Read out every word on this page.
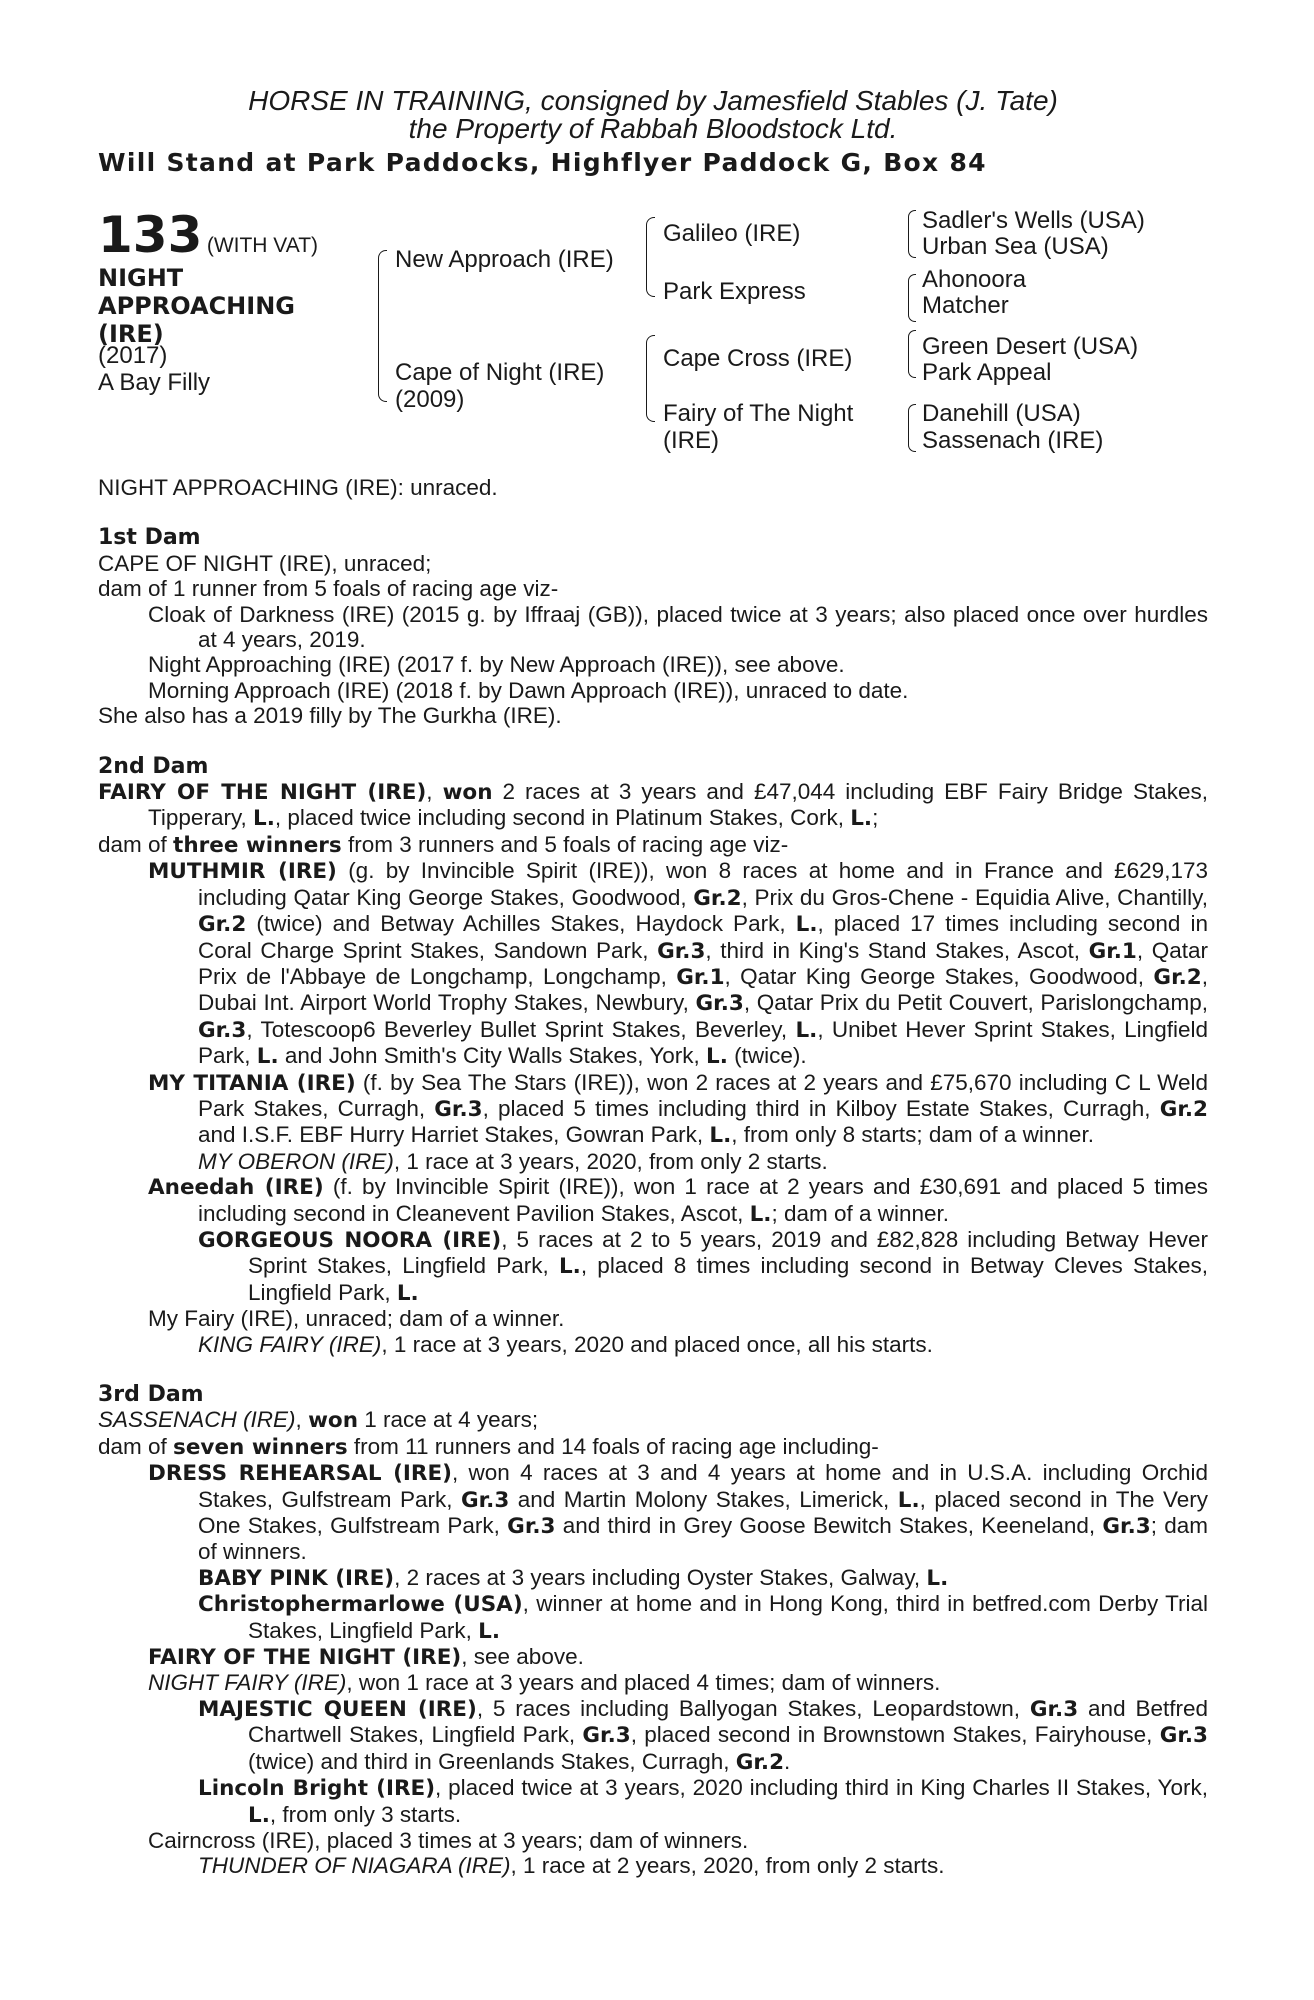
HORSE IN TRAINING, consigned by Jamesfield Stables (J. Tate)
the Property of Rabbah Bloodstock Ltd.
Will Stand at Park Paddocks, Highflyer Paddock G, Box 84
133 (WITH VAT)
NIGHT
APPROACHING
(IRE)
(2017)
A Bay Filly
New Approach (IRE)
Cape of Night (IRE)
(2009)
Galileo (IRE)
Park Express
Cape Cross (IRE)
Fairy of The Night
(IRE)
Sadler's Wells (USA)
Urban Sea (USA)
Ahonoora
Matcher
Green Desert (USA)
Park Appeal
Danehill (USA)
Sassenach (IRE)

NIGHT APPROACHING (IRE): unraced.

1st Dam

CAPE OF NIGHT (IRE), unraced;

dam of 1 runner from 5 foals of racing age viz-

Cloak of Darkness (IRE) (2015 g. by Iffraaj (GB)), placed twice at 3 years; also placed once over hurdles at 4 years, 2019.

Night Approaching (IRE) (2017 f. by New Approach (IRE)), see above.

Morning Approach (IRE) (2018 f. by Dawn Approach (IRE)), unraced to date.

She also has a 2019 filly by The Gurkha (IRE).

2nd Dam

FAIRY OF THE NIGHT (IRE), won 2 races at 3 years and £47,044 including EBF Fairy Bridge Stakes, Tipperary, L., placed twice including second in Platinum Stakes, Cork, L.;

dam of three winners from 3 runners and 5 foals of racing age viz-

MUTHMIR (IRE) (g. by Invincible Spirit (IRE)), won 8 races at home and in France and £629,173 including Qatar King George Stakes, Goodwood, Gr.2, Prix du Gros-Chene - Equidia Alive, Chantilly, Gr.2 (twice) and Betway Achilles Stakes, Haydock Park, L., placed 17 times including second in Coral Charge Sprint Stakes, Sandown Park, Gr.3, third in King's Stand Stakes, Ascot, Gr.1, Qatar Prix de l'Abbaye de Longchamp, Longchamp, Gr.1, Qatar King George Stakes, Goodwood, Gr.2, Dubai Int. Airport World Trophy Stakes, Newbury, Gr.3, Qatar Prix du Petit Couvert, Parislongchamp, Gr.3, Totescoop6 Beverley Bullet Sprint Stakes, Beverley, L., Unibet Hever Sprint Stakes, Lingfield Park, L. and John Smith's City Walls Stakes, York, L. (twice).

MY TITANIA (IRE) (f. by Sea The Stars (IRE)), won 2 races at 2 years and £75,670 including C L Weld Park Stakes, Curragh, Gr.3, placed 5 times including third in Kilboy Estate Stakes, Curragh, Gr.2 and I.S.F. EBF Hurry Harriet Stakes, Gowran Park, L., from only 8 starts; dam of a winner.

MY OBERON (IRE), 1 race at 3 years, 2020, from only 2 starts.

Aneedah (IRE) (f. by Invincible Spirit (IRE)), won 1 race at 2 years and £30,691 and placed 5 times including second in Cleanevent Pavilion Stakes, Ascot, L.; dam of a winner.

GORGEOUS NOORA (IRE), 5 races at 2 to 5 years, 2019 and £82,828 including Betway Hever Sprint Stakes, Lingfield Park, L., placed 8 times including second in Betway Cleves Stakes, Lingfield Park, L.

My Fairy (IRE), unraced; dam of a winner.

KING FAIRY (IRE), 1 race at 3 years, 2020 and placed once, all his starts.

3rd Dam

SASSENACH (IRE), won 1 race at 4 years;

dam of seven winners from 11 runners and 14 foals of racing age including-

DRESS REHEARSAL (IRE), won 4 races at 3 and 4 years at home and in U.S.A. including Orchid Stakes, Gulfstream Park, Gr.3 and Martin Molony Stakes, Limerick, L., placed second in The Very One Stakes, Gulfstream Park, Gr.3 and third in Grey Goose Bewitch Stakes, Keeneland, Gr.3; dam of winners.

BABY PINK (IRE), 2 races at 3 years including Oyster Stakes, Galway, L.

Christophermarlowe (USA), winner at home and in Hong Kong, third in betfred.com Derby Trial Stakes, Lingfield Park, L.

FAIRY OF THE NIGHT (IRE), see above.

NIGHT FAIRY (IRE), won 1 race at 3 years and placed 4 times; dam of winners.

MAJESTIC QUEEN (IRE), 5 races including Ballyogan Stakes, Leopardstown, Gr.3 and Betfred Chartwell Stakes, Lingfield Park, Gr.3, placed second in Brownstown Stakes, Fairyhouse, Gr.3 (twice) and third in Greenlands Stakes, Curragh, Gr.2.

Lincoln Bright (IRE), placed twice at 3 years, 2020 including third in King Charles II Stakes, York, L., from only 3 starts.

Cairncross (IRE), placed 3 times at 3 years; dam of winners.

THUNDER OF NIAGARA (IRE), 1 race at 2 years, 2020, from only 2 starts.
